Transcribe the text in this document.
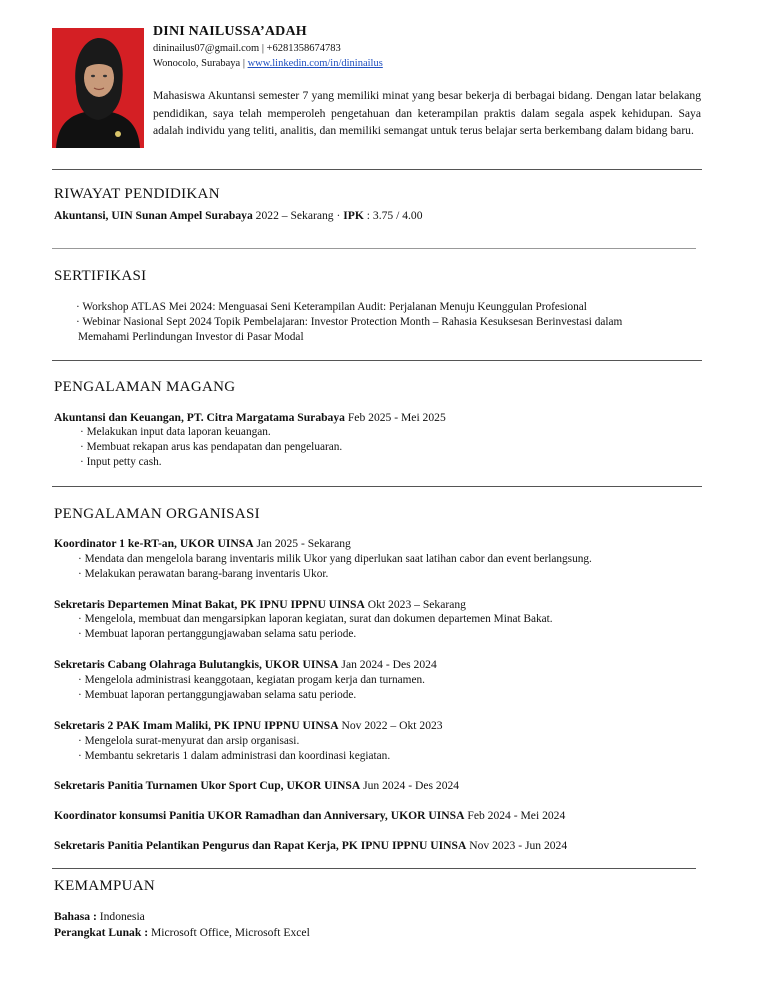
DINI NAILUSSA’ADAH
dininailus07@gmail.com | +6281358674783
Wonocolo, Surabaya | www.linkedin.com/in/dininailus
Mahasiswa Akuntansi semester 7 yang memiliki minat yang besar bekerja di berbagai bidang. Dengan latar belakang pendidikan, saya telah memperoleh pengetahuan dan keterampilan praktis dalam segala aspek kehidupan. Saya adalah individu yang teliti, analitis, dan memiliki semangat untuk terus belajar serta berkembang dalam bidang baru.
RIWAYAT PENDIDIKAN
Akuntansi, UIN Sunan Ampel Surabaya 2022 – Sekarang · IPK : 3.75 / 4.00
SERTIFIKASI
· Workshop ATLAS Mei 2024: Menguasai Seni Keterampilan Audit: Perjalanan Menuju Keunggulan Profesional
· Webinar Nasional Sept 2024 Topik Pembelajaran: Investor Protection Month – Rahasia Kesuksesan Berinvestasi dalam
Memahami Perlindungan Investor di Pasar Modal
PENGALAMAN MAGANG
Akuntansi dan Keuangan, PT. Citra Margatama Surabaya Feb 2025 - Mei 2025
· Melakukan input data laporan keuangan.
· Membuat rekapan arus kas pendapatan dan pengeluaran.
· Input petty cash.
PENGALAMAN ORGANISASI
Koordinator 1 ke-RT-an, UKOR UINSA Jan 2025 - Sekarang
· Mendata dan mengelola barang inventaris milik Ukor yang diperlukan saat latihan cabor dan event berlangsung.
· Melakukan perawatan barang-barang inventaris Ukor.
Sekretaris Departemen Minat Bakat, PK IPNU IPPNU UINSA Okt 2023 – Sekarang
· Mengelola, membuat dan mengarsipkan laporan kegiatan, surat dan dokumen departemen Minat Bakat.
· Membuat laporan pertanggungjawaban selama satu periode.
Sekretaris Cabang Olahraga Bulutangkis, UKOR UINSA Jan 2024 - Des 2024
· Mengelola administrasi keanggotaan, kegiatan progam kerja dan turnamen.
· Membuat laporan pertanggungjawaban selama satu periode.
Sekretaris 2 PAK Imam Maliki, PK IPNU IPPNU UINSA Nov 2022 – Okt 2023
· Mengelola surat-menyurat dan arsip organisasi.
· Membantu sekretaris 1 dalam administrasi dan koordinasi kegiatan.
Sekretaris Panitia Turnamen Ukor Sport Cup, UKOR UINSA Jun 2024 - Des 2024
Koordinator konsumsi Panitia UKOR Ramadhan dan Anniversary, UKOR UINSA Feb 2024 - Mei 2024
Sekretaris Panitia Pelantikan Pengurus dan Rapat Kerja, PK IPNU IPPNU UINSA Nov 2023 - Jun 2024
KEMAMPUAN
Bahasa : Indonesia
Perangkat Lunak : Microsoft Office, Microsoft Excel
